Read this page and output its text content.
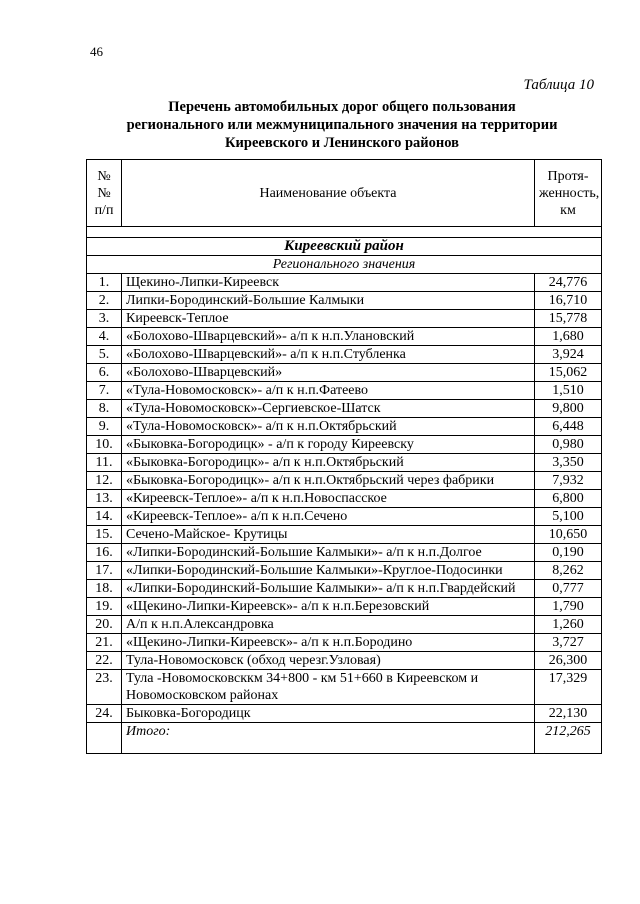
46
Таблица 10
Перечень автомобильных дорог общего пользования
регионального или межмуниципального значения на территории
Киреевского и Ленинского районов
№№ п/п	Наименование объекта	Протя-женность, км

Киреевский район		
Регионального значения		
1.	Щекино-Липки-Киреевск	24,776
2.	Липки-Бородинский-Большие Калмыки	16,710
3.	Киреевск-Теплое	15,778
4.	«Болохово-Шварцевский»- а/п к н.п.Улановский	1,680
5.	«Болохово-Шварцевский»- а/п к н.п.Стубленка	3,924
6.	«Болохово-Шварцевский»	15,062
7.	«Тула-Новомосковск»- а/п к н.п.Фатеево	1,510
8.	«Тула-Новомосковск»-Сергиевское-Шатск	9,800
9.	«Тула-Новомосковск»- а/п к н.п.Октябрьский	6,448
10.	«Быковка-Богородицк» - а/п к городу Киреевску	0,980
11.	«Быковка-Богородицк»- а/п к н.п.Октябрьский	3,350
12.	«Быковка-Богородицк»- а/п к н.п.Октябрьский через фабрики	7,932
13.	«Киреевск-Теплое»- а/п к н.п.Новоспасское	6,800
14.	«Киреевск-Теплое»- а/п к н.п.Сечено	5,100
15.	Сечено-Майское- Крутицы	10,650
16.	«Липки-Бородинский-Большие Калмыки»- а/п к н.п.Долгое	0,190
17.	«Липки-Бородинский-Большие Калмыки»-Круглое-Подосинки	8,262
18.	«Липки-Бородинский-Большие Калмыки»- а/п к н.п.Гвардейский	0,777
19.	«Щекино-Липки-Киреевск»- а/п к н.п.Березовский	1,790
20.	А/п к н.п.Александровка	1,260
21.	«Щекино-Липки-Киреевск»- а/п к н.п.Бородино	3,727
22.	Тула-Новомосковск (обход черезг.Узловая)	26,300
23.	Тула -Новомосковсккм 34+800 - км 51+660 в Киреевском и Новомосковском районах	17,329
24.	Быковка-Богородицк	22,130
	Итого:	212,265
